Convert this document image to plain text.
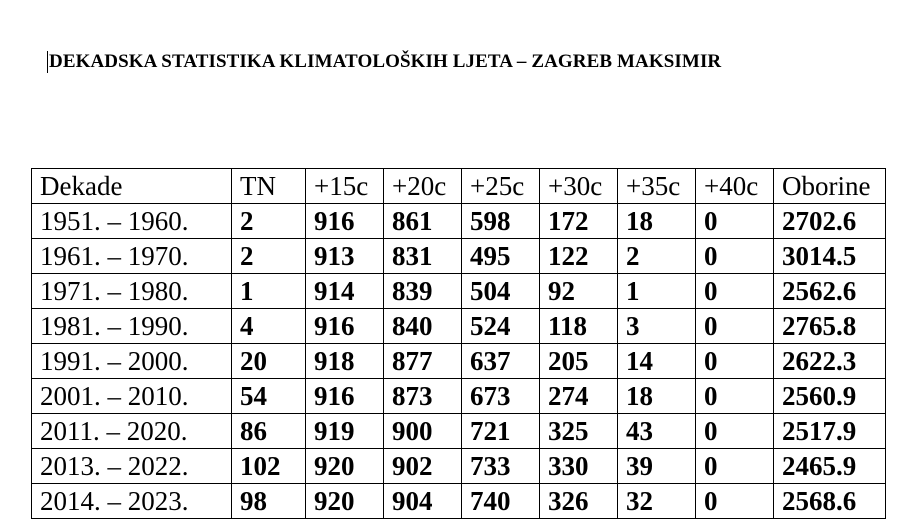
DEKADSKA STATISTIKA KLIMATOLOŠKIH LJETA – ZAGREB MAKSIMIR
Dekade	TN	+15c	+20c	+25c	+30c	+35c	+40c	Oborine
1951. – 1960.	2	916	861	598	172	18	0	2702.6
1961. – 1970.	2	913	831	495	122	2	0	3014.5
1971. – 1980.	1	914	839	504	92	1	0	2562.6
1981. – 1990.	4	916	840	524	118	3	0	2765.8
1991. – 2000.	20	918	877	637	205	14	0	2622.3
2001. – 2010.	54	916	873	673	274	18	0	2560.9
2011. – 2020.	86	919	900	721	325	43	0	2517.9
2013. – 2022.	102	920	902	733	330	39	0	2465.9
2014. – 2023.	98	920	904	740	326	32	0	2568.6
